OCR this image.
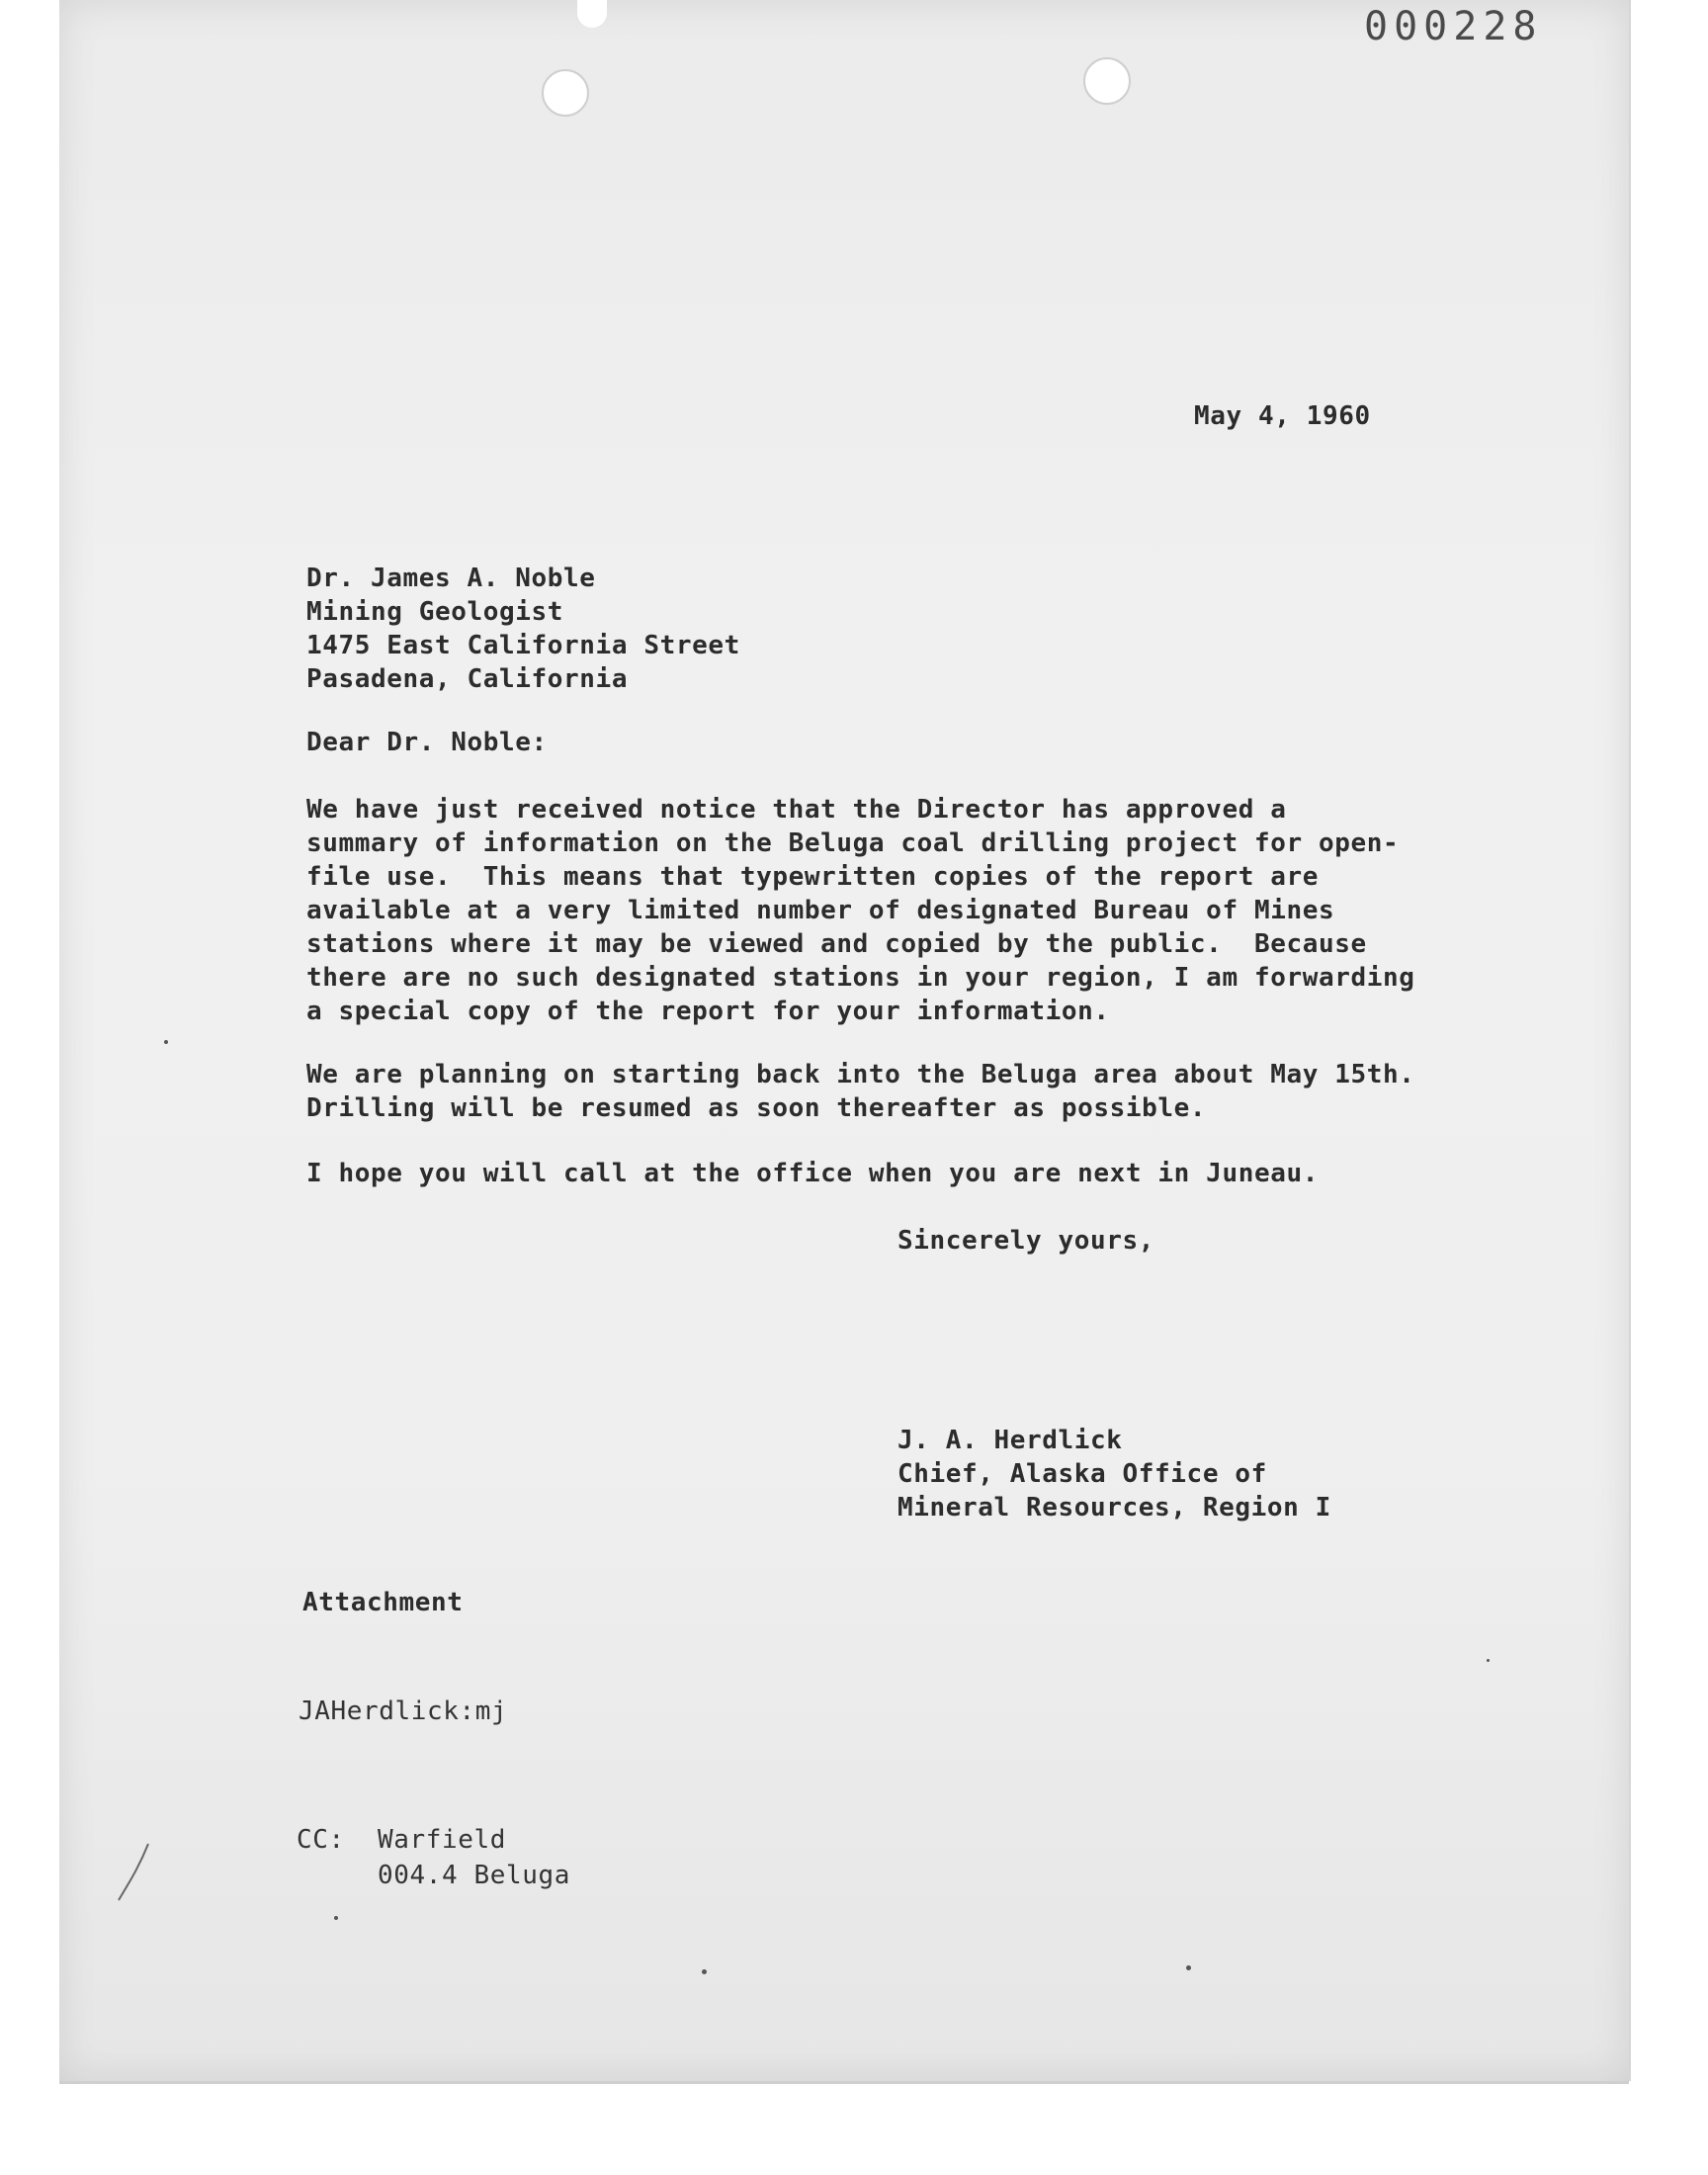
000228
May 4, 1960
Dr. James A. Noble
Mining Geologist
1475 East California Street
Pasadena, California
Dear Dr. Noble:
We have just received notice that the Director has approved a
summary of information on the Beluga coal drilling project for open-
file use.  This means that typewritten copies of the report are
available at a very limited number of designated Bureau of Mines
stations where it may be viewed and copied by the public.  Because
there are no such designated stations in your region, I am forwarding
a special copy of the report for your information.
We are planning on starting back into the Beluga area about May 15th.
Drilling will be resumed as soon thereafter as possible.
I hope you will call at the office when you are next in Juneau.
Sincerely yours,
J. A. Herdlick
Chief, Alaska Office of
Mineral Resources, Region I
Attachment
JAHerdlick:mj
CC: Warfield
004.4 Beluga
